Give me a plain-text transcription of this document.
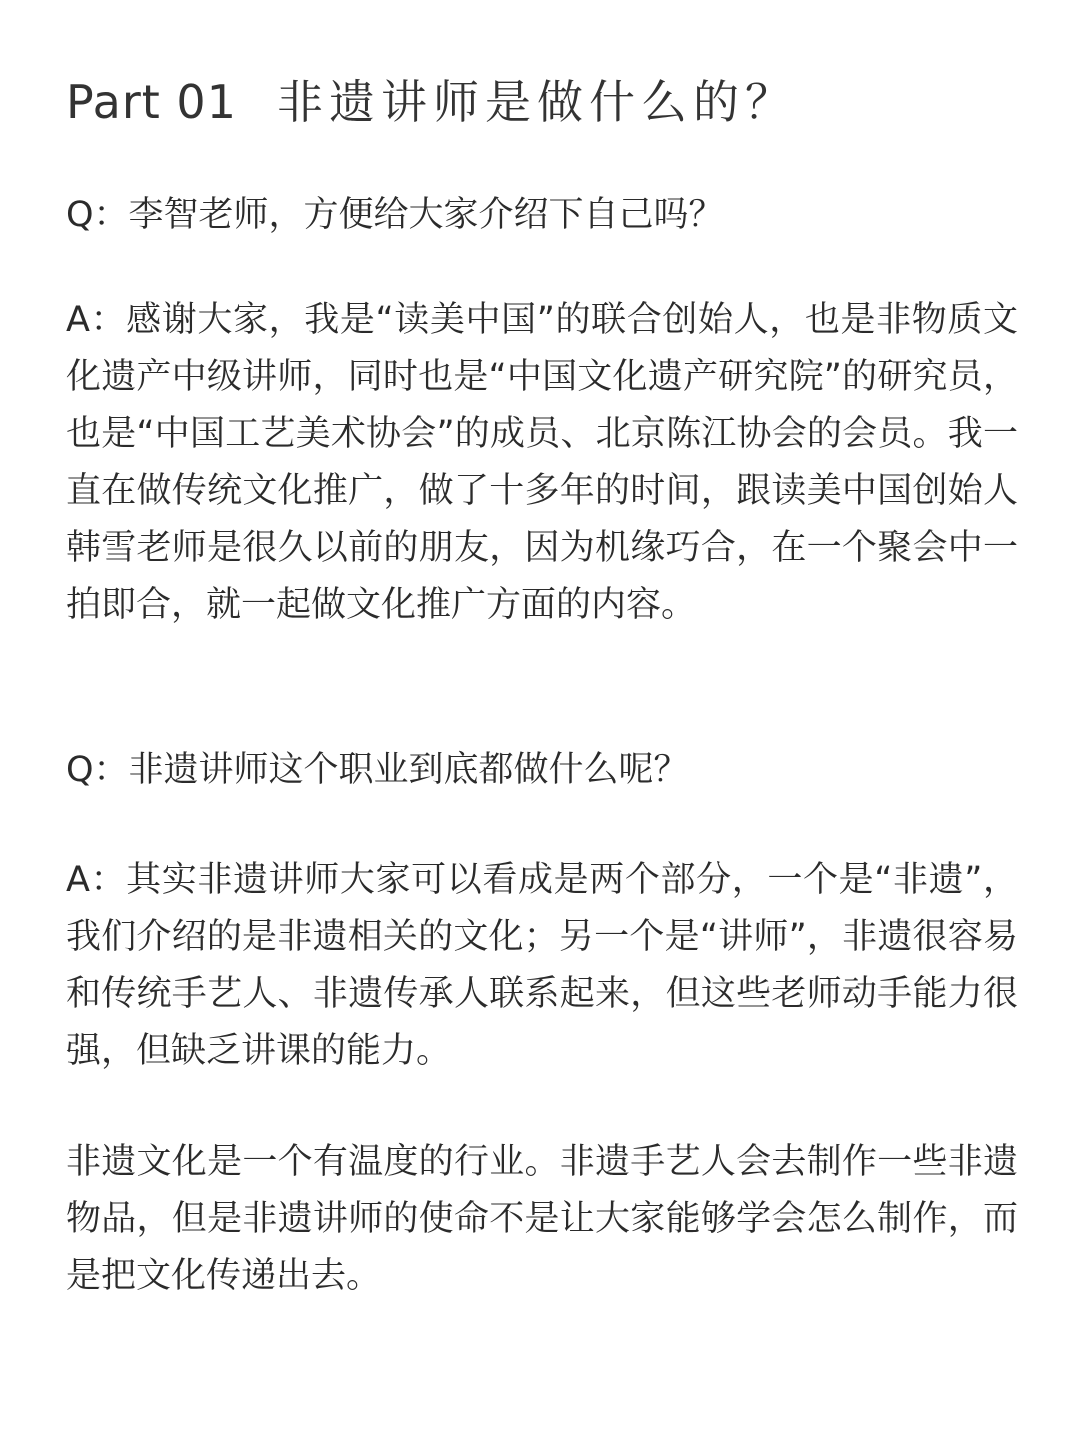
Part 01 非遗讲师是做什么的？

Q：李智老师，方便给大家介绍下自己吗？

A：感谢大家，我是“读美中国”的联合创始人，也是非物质文化遗产中级讲师，同时也是“中国文化遗产研究院”的研究员，也是“中国工艺美术协会”的成员、北京陈江协会的会员。我一直在做传统文化推广，做了十多年的时间，跟读美中国创始人韩雪老师是很久以前的朋友，因为机缘巧合，在一个聚会中一拍即合，就一起做文化推广方面的内容。

Q：非遗讲师这个职业到底都做什么呢？

A：其实非遗讲师大家可以看成是两个部分，一个是“非遗”，我们介绍的是非遗相关的文化；另一个是“讲师”，非遗很容易和传统手艺人、非遗传承人联系起来，但这些老师动手能力很强，但缺乏讲课的能力。

非遗文化是一个有温度的行业。非遗手艺人会去制作一些非遗物品，但是非遗讲师的使命不是让大家能够学会怎么制作，而是把文化传递出去。
